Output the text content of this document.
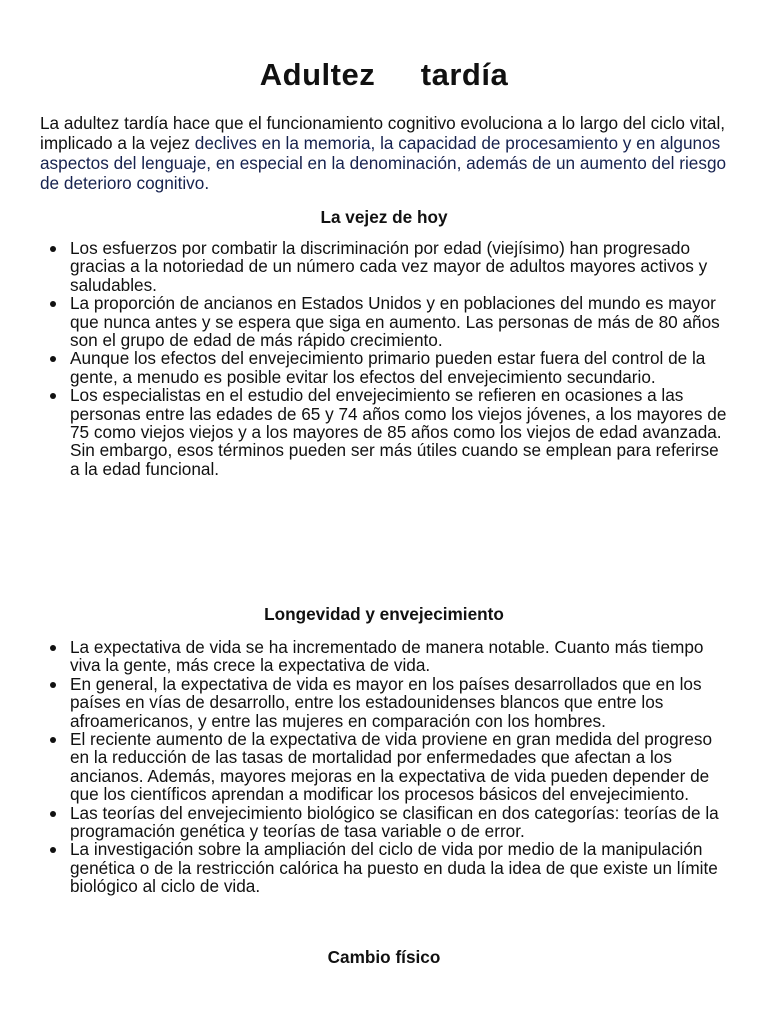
Adultez     tardía

La adultez tardía hace que el funcionamiento cognitivo evoluciona a lo largo del ciclo vital, implicado a la vejez declives en la memoria, la capacidad de procesamiento y en algunos aspectos del lenguaje, en especial en la denominación, además de un aumento del riesgo de deterioro cognitivo.

La vejez de hoy
Los esfuerzos por combatir la discriminación por edad (viejísimo) han progresado gracias a la notoriedad de un número cada vez mayor de adultos mayores activos y saludables.
La proporción de ancianos en Estados Unidos y en poblaciones del mundo es mayor que nunca antes y se espera que siga en aumento. Las personas de más de 80 años son el grupo de edad de más rápido crecimiento.
Aunque los efectos del envejecimiento primario pueden estar fuera del control de la gente, a menudo es posible evitar los efectos del envejecimiento secundario.
Los especialistas en el estudio del envejecimiento se refieren en ocasiones a las personas entre las edades de 65 y 74 años como los viejos jóvenes, a los mayores de 75 como viejos viejos y a los mayores de 85 años como los viejos de edad avanzada. Sin embargo, esos términos pueden ser más útiles cuando se emplean para referirse a la edad funcional.
Longevidad y envejecimiento
La expectativa de vida se ha incrementado de manera notable. Cuanto más tiempo viva la gente, más crece la expectativa de vida.
En general, la expectativa de vida es mayor en los países desarrollados que en los países en vías de desarrollo, entre los estadounidenses blancos que entre los afroamericanos, y entre las mujeres en comparación con los hombres.
El reciente aumento de la expectativa de vida proviene en gran medida del progreso en la reducción de las tasas de mortalidad por enfermedades que afectan a los ancianos. Además, mayores mejoras en la expectativa de vida pueden depender de que los científicos aprendan a modificar los procesos básicos del envejecimiento.
Las teorías del envejecimiento biológico se clasifican en dos categorías: teorías de la programación genética y teorías de tasa variable o de error.
La investigación sobre la ampliación del ciclo de vida por medio de la manipulación genética o de la restricción calórica ha puesto en duda la idea de que existe un límite biológico al ciclo de vida.
Cambio físico
